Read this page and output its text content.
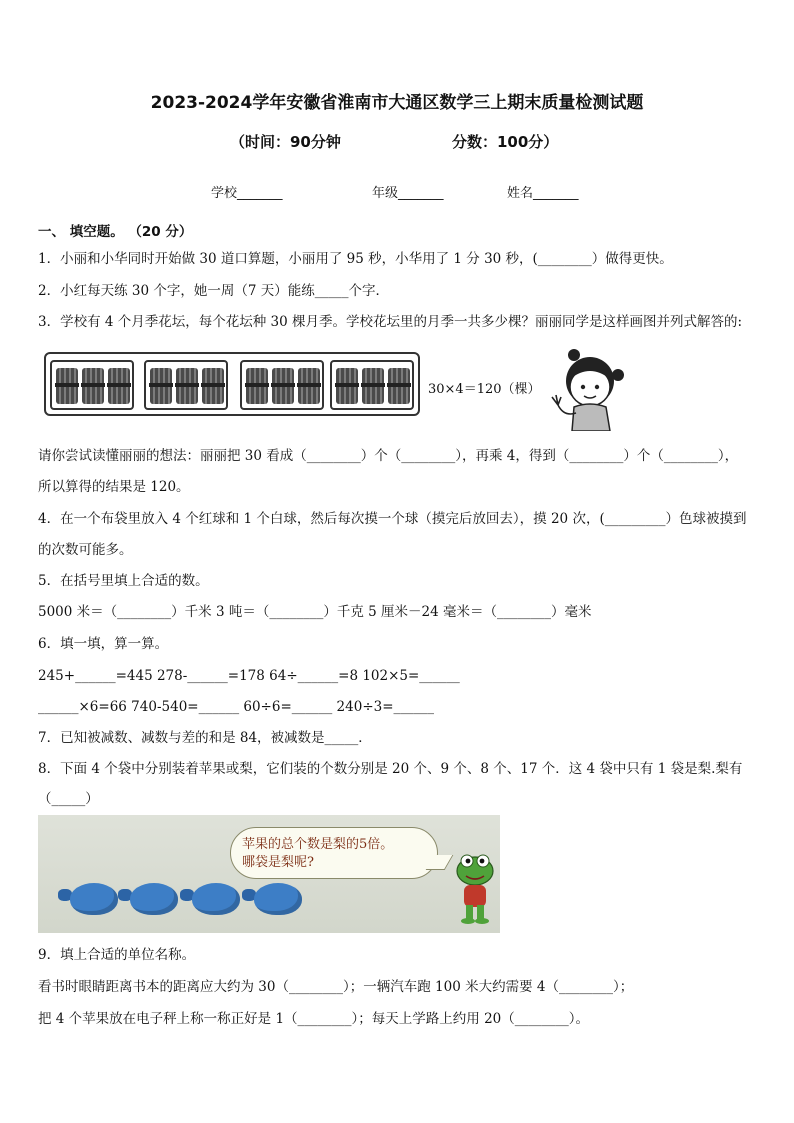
2023-2024学年安徽省淮南市大通区数学三上期末质量检测试题
（时间：90分钟	分数：100分）
学校_______	年级_______	姓名_______
一、 填空题。 （20 分）
1．小丽和小华同时开始做 30 道口算题，小丽用了 95 秒，小华用了 1 分 30 秒，(________）做得更快。
2．小红每天练 30 个字，她一周（7 天）能练_____个字．
3．学校有 4 个月季花坛，每个花坛种 30 棵月季。学校花坛里的月季一共多少棵？丽丽同学是这样画图并列式解答的:
30×4＝120（棵）
请你尝试读懂丽丽的想法：丽丽把 30 看成（________）个（________），再乘 4，得到（________）个（________），
所以算得的结果是 120。
4．在一个布袋里放入 4 个红球和 1 个白球，然后每次摸一个球（摸完后放回去），摸 20 次，(_________）色球被摸到
的次数可能多。
5．在括号里填上合适的数。
5000 米＝（________）千米 3 吨＝（________）千克 5 厘米－24 毫米＝（________）毫米
6．填一填，算一算。
245+______=445 278-______=178 64÷______=8 102×5=______
______×6=66 740-540=______ 60÷6=______ 240÷3=______
7．已知被减数、减数与差的和是 84，被减数是_____．
8．下面 4 个袋中分别装着苹果或梨，它们装的个数分别是 20 个、9 个、8 个、17 个．这 4 袋中只有 1 袋是梨.梨有
（_____）
苹果的总个数是梨的5倍。
哪袋是梨呢?
9．填上合适的单位名称。
看书时眼睛距离书本的距离应大约为 30（________）；一辆汽车跑 100 米大约需要 4（________）；
把 4 个苹果放在电子秤上称一称正好是 1（________）；每天上学路上约用 20（________）。
